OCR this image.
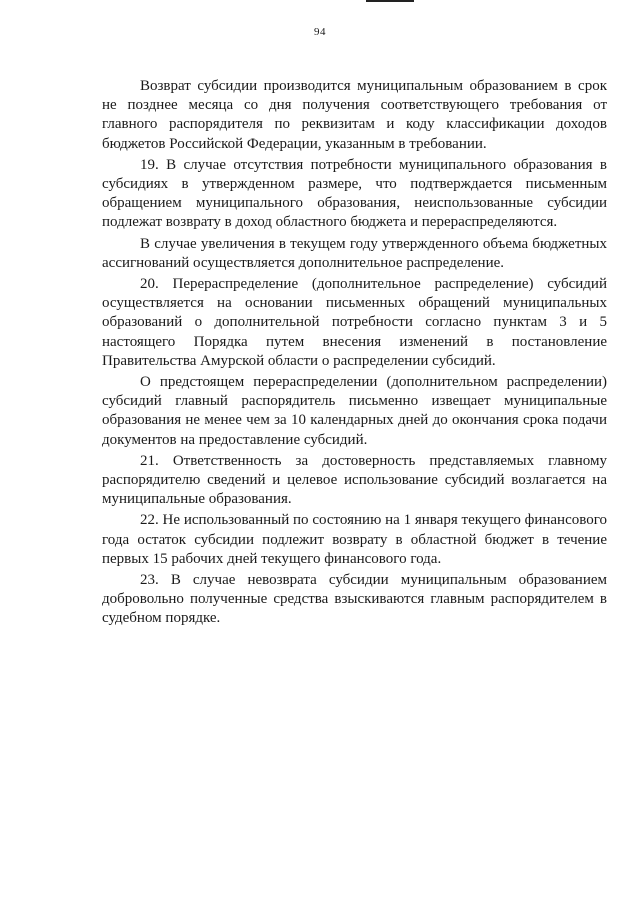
94

Возврат субсидии производится муниципальным образованием в срок не позднее месяца со дня получения соответствующего требования от главного распорядителя по реквизитам и коду классификации доходов бюджетов Российской Федерации, указанным в требовании.

19. В случае отсутствия потребности муниципального образования в субсидиях в утвержденном размере, что подтверждается письменным обращением муниципального образования, неиспользованные субсидии подлежат возврату в доход областного бюджета и перераспределяются.

В случае увеличения в текущем году утвержденного объема бюджетных ассигнований осуществляется дополнительное распределение.

20. Перераспределение (дополнительное распределение) субсидий осуществляется на основании письменных обращений муниципальных образований о дополнительной потребности согласно пунктам 3 и 5 настоящего Порядка путем внесения изменений в постановление Правительства Амурской области о распределении субсидий.

О предстоящем перераспределении (дополнительном распределении) субсидий главный распорядитель письменно извещает муниципальные образования не менее чем за 10 календарных дней до окончания срока подачи документов на предоставление субсидий.

21. Ответственность за достоверность представляемых главному распорядителю сведений и целевое использование субсидий возлагается на муниципальные образования.

22. Не использованный по состоянию на 1 января текущего финансового года остаток субсидии подлежит возврату в областной бюджет в течение первых 15 рабочих дней текущего финансового года.

23. В случае невозврата субсидии муниципальным образованием добровольно полученные средства взыскиваются главным распорядителем в судебном порядке.
